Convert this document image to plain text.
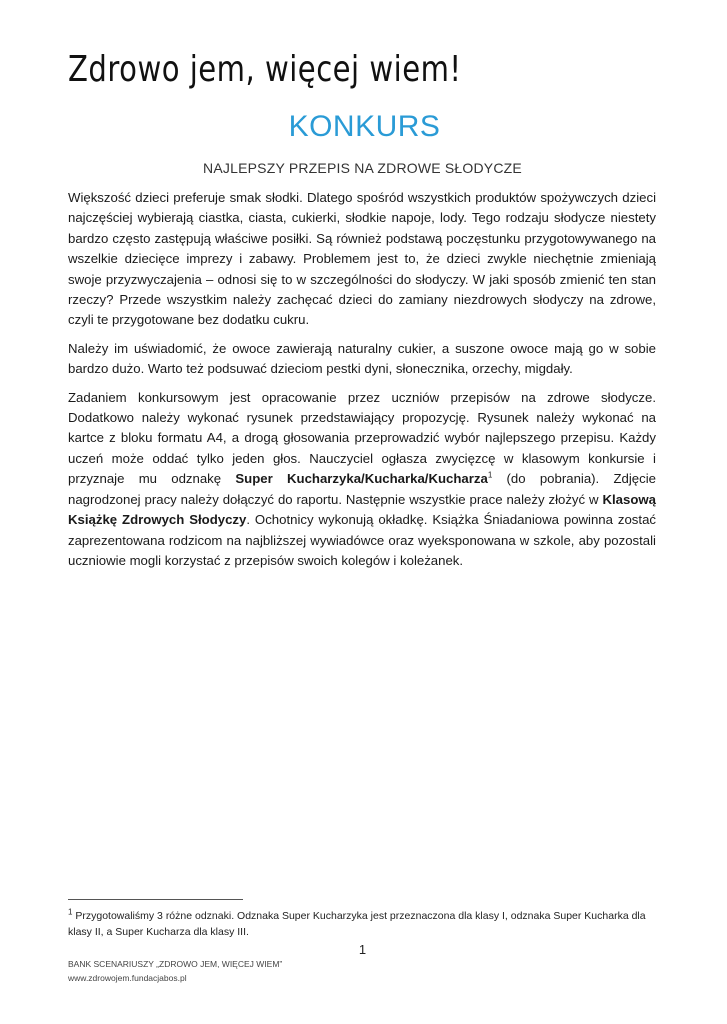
Zdrowo jem, więcej wiem!
KONKURS
NAJLEPSZY PRZEPIS NA ZDROWE SŁODYCZE

Większość dzieci preferuje smak słodki. Dlatego spośród wszystkich produktów spożywczych dzieci najczęściej wybierają ciastka, ciasta, cukierki, słodkie napoje, lody. Tego rodzaju słodycze niestety bardzo często zastępują właściwe posiłki. Są również podstawą poczęstunku przygotowywanego na wszelkie dziecięce imprezy i zabawy. Problemem jest to, że dzieci zwykle niechętnie zmieniają swoje przyzwyczajenia – odnosi się to w szczególności do słodyczy. W jaki sposób zmienić ten stan rzeczy? Przede wszystkim należy zachęcać dzieci do zamiany niezdrowych słodyczy na zdrowe, czyli te przygotowane bez dodatku cukru.

Należy im uświadomić, że owoce zawierają naturalny cukier, a suszone owoce mają go w sobie bardzo dużo. Warto też podsuwać dzieciom pestki dyni, słonecznika, orzechy, migdały.

Zadaniem konkursowym jest opracowanie przez uczniów przepisów na zdrowe słodycze. Dodatkowo należy wykonać rysunek przedstawiający propozycję. Rysunek należy wykonać na kartce z bloku formatu A4, a drogą głosowania przeprowadzić wybór najlepszego przepisu. Każdy uczeń może oddać tylko jeden głos. Nauczyciel ogłasza zwycięzcę w klasowym konkursie i przyznaje mu odznakę Super Kucharzyka/Kucharka/Kucharza$^1$ (do pobrania). Zdjęcie nagrodzonej pracy należy dołączyć do raportu. Następnie wszystkie prace należy złożyć w Klasową Książkę Zdrowych Słodyczy. Ochotnicy wykonują okładkę. Książka Śniadaniowa powinna zostać zaprezentowana rodzicom na najbliższej wywiadówce oraz wyeksponowana w szkole, aby pozostali uczniowie mogli korzystać z przepisów swoich kolegów i koleżanek.

$^1$ Przygotowaliśmy 3 różne odznaki. Odznaka Super Kucharzyka jest przeznaczona dla klasy I, odznaka Super Kucharka dla klasy II, a Super Kucharza dla klasy III.
1
BANK SCENARIUSZY „ZDROWO JEM, WIĘCEJ WIEM”
www.zdrowojem.fundacjabos.pl
